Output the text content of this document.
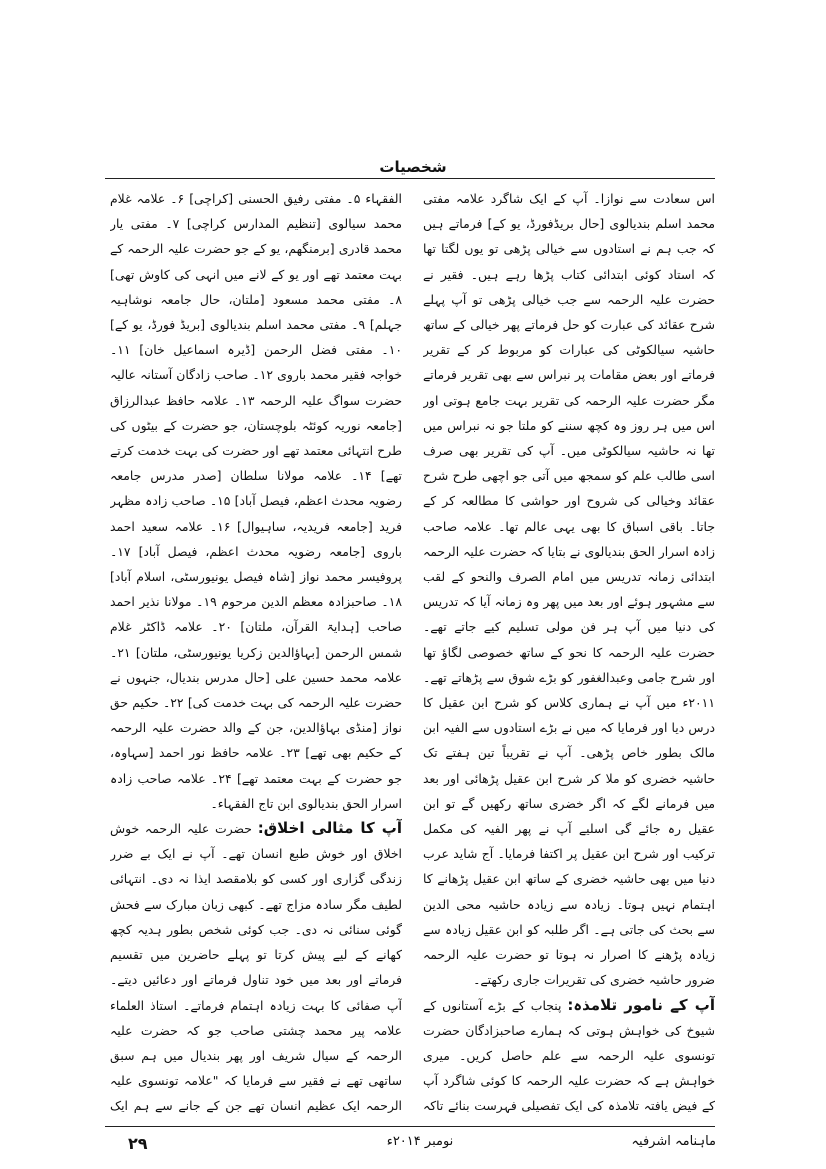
شخصیات

اس سعادت سے نوازا۔ آپ کے ایک شاگرد علامہ مفتی محمد اسلم بندیالوی [حال بریڈفورڈ، یو کے] فرماتے ہیں کہ جب ہم نے استادوں سے خیالی پڑھی تو یوں لگتا تھا کہ استاد کوئی ابتدائی کتاب پڑھا رہے ہیں۔ فقیر نے حضرت علیہ الرحمہ سے جب خیالی پڑھی تو آپ پہلے شرح عقائد کی عبارت کو حل فرماتے پھر خیالی کے ساتھ حاشیہ سیالکوٹی کی عبارات کو مربوط کر کے تقریر فرماتے اور بعض مقامات پر نبراس سے بھی تقریر فرماتے مگر حضرت علیہ الرحمہ کی تقریر بہت جامع ہوتی اور اس میں ہر روز وہ کچھ سننے کو ملتا جو نہ نبراس میں تھا نہ حاشیہ سیالکوٹی میں۔ آپ کی تقریر بھی صرف اسی طالب علم کو سمجھ میں آتی جو اچھی طرح شرح عقائد وخیالی کی شروح اور حواشی کا مطالعہ کر کے جاتا۔ باقی اسباق کا بھی یہی عالم تھا۔ علامہ صاحب زادہ اسرار الحق بندیالوی نے بتایا کہ حضرت علیہ الرحمہ ابتدائی زمانہ تدریس میں امام الصرف والنحو کے لقب سے مشہور ہوئے اور بعد میں پھر وہ زمانہ آیا کہ تدریس کی دنیا میں آپ ہر فن مولی تسلیم کیے جاتے تھے۔ حضرت علیہ الرحمہ کا نحو کے ساتھ خصوصی لگاؤ تھا اور شرح جامی وعبدالغفور کو بڑے شوق سے پڑھاتے تھے۔ ۲۰۱۱ء میں آپ نے ہماری کلاس کو شرح ابن عقیل کا درس دیا اور فرمایا کہ میں نے بڑے استادوں سے الفیہ ابن مالک بطور خاص پڑھی۔ آپ نے تقریباً تین ہفتے تک حاشیہ خضری کو ملا کر شرح ابن عقیل پڑھائی اور بعد میں فرمانے لگے کہ اگر خضری ساتھ رکھیں گے تو ابن عقیل رہ جائے گی اسلیے آپ نے پھر الفیہ کی مکمل ترکیب اور شرح ابن عقیل پر اکتفا فرمایا۔ آج شاید عرب دنیا میں بھی حاشیہ خضری کے ساتھ ابن عقیل پڑھانے کا اہتمام نہیں ہوتا۔ زیادہ سے زیادہ حاشیہ محی الدین سے بحث کی جاتی ہے۔ اگر طلبہ کو ابن عقیل زیادہ سے زیادہ پڑھنے کا اصرار نہ ہوتا تو حضرت علیہ الرحمہ ضرور حاشیہ خضری کی تقریرات جاری رکھتے۔

آپ کے نامور تلامذہ: پنجاب کے بڑے آستانوں کے شیوخ کی خواہش ہوتی کہ ہمارے صاحبزادگان حضرت تونسوی علیہ الرحمہ سے علم حاصل کریں۔ میری خواہش ہے کہ حضرت علیہ الرحمہ کا کوئی شاگرد آپ کے فیض یافتہ تلامذہ کی ایک تفصیلی فہرست بنائے تاکہ

الفقہاء ۵۔ مفتی رفیق الحسنی [کراچی] ۶۔ علامہ غلام محمد سیالوی [تنظیم المدارس کراچی] ۷۔ مفتی یار محمد قادری [برمنگھم، یو کے جو حضرت علیہ الرحمہ کے بہت معتمد تھے اور یو کے لانے میں انہی کی کاوش تھی] ۸۔ مفتی محمد مسعود [ملتان، حال جامعہ نوشاہیہ جہلم] ۹۔ مفتی محمد اسلم بندیالوی [بریڈ فورڈ، یو کے] ۱۰۔ مفتی فضل الرحمن [ڈیرہ اسماعیل خان] ۱۱۔ خواجہ فقیر محمد باروی ۱۲۔ صاحب زادگان آستانہ عالیہ حضرت سواگ علیہ الرحمہ ۱۳۔ علامہ حافظ عبدالرزاق [جامعہ نوریہ کوئٹہ بلوچستان، جو حضرت کے بیٹوں کی طرح انتہائی معتمد تھے اور حضرت کی بہت خدمت کرتے تھے] ۱۴۔ علامہ مولانا سلطان [صدر مدرس جامعہ رضویہ محدث اعظم، فیصل آباد] ۱۵۔ صاحب زادہ مظہر فرید [جامعہ فریدیہ، ساہیوال] ۱۶۔ علامہ سعید احمد باروی [جامعہ رضویہ محدث اعظم، فیصل آباد] ۱۷۔ پروفیسر محمد نواز [شاہ فیصل یونیورسٹی، اسلام آباد] ۱۸۔ صاحبزادہ معظم الدین مرحوم ۱۹۔ مولانا نذیر احمد صاحب [ہدایۃ القرآن، ملتان] ۲۰۔ علامہ ڈاکٹر غلام شمس الرحمن [بہاؤالدین زکریا یونیورسٹی، ملتان] ۲۱۔ علامہ محمد حسین علی [حال مدرس بندیال، جنہوں نے حضرت علیہ الرحمہ کی بہت خدمت کی] ۲۲۔ حکیم حق نواز [منڈی بہاؤالدین، جن کے والد حضرت علیہ الرحمہ کے حکیم بھی تھے] ۲۳۔ علامہ حافظ نور احمد [سہاوہ، جو حضرت کے بہت معتمد تھے] ۲۴۔ علامہ صاحب زادہ اسرار الحق بندیالوی ابن تاج الفقہاء۔

آپ کا مثالی اخلاق: حضرت علیہ الرحمہ خوش اخلاق اور خوش طبع انسان تھے۔ آپ نے ایک بے ضرر زندگی گزاری اور کسی کو بلامقصد ایذا نہ دی۔ انتہائی لطیف مگر سادہ مزاج تھے۔ کبھی زبان مبارک سے فحش گوئی سنائی نہ دی۔ جب کوئی شخص بطور ہدیہ کچھ کھانے کے لیے پیش کرتا تو پہلے حاضرین میں تقسیم فرماتے اور بعد میں خود تناول فرماتے اور دعائیں دیتے۔ آپ صفائی کا بہت زیادہ اہتمام فرماتے۔ استاذ العلماء علامہ پیر محمد چشتی صاحب جو کہ حضرت علیہ الرحمہ کے سیال شریف اور پھر بندیال میں ہم سبق ساتھی تھے نے فقیر سے فرمایا کہ "علامہ تونسوی علیہ الرحمہ ایک عظیم انسان تھے جن کے جانے سے ہم ایک

ماہنامہ اشرفیہ
نومبر ۲۰۱۴ء
۲۹
